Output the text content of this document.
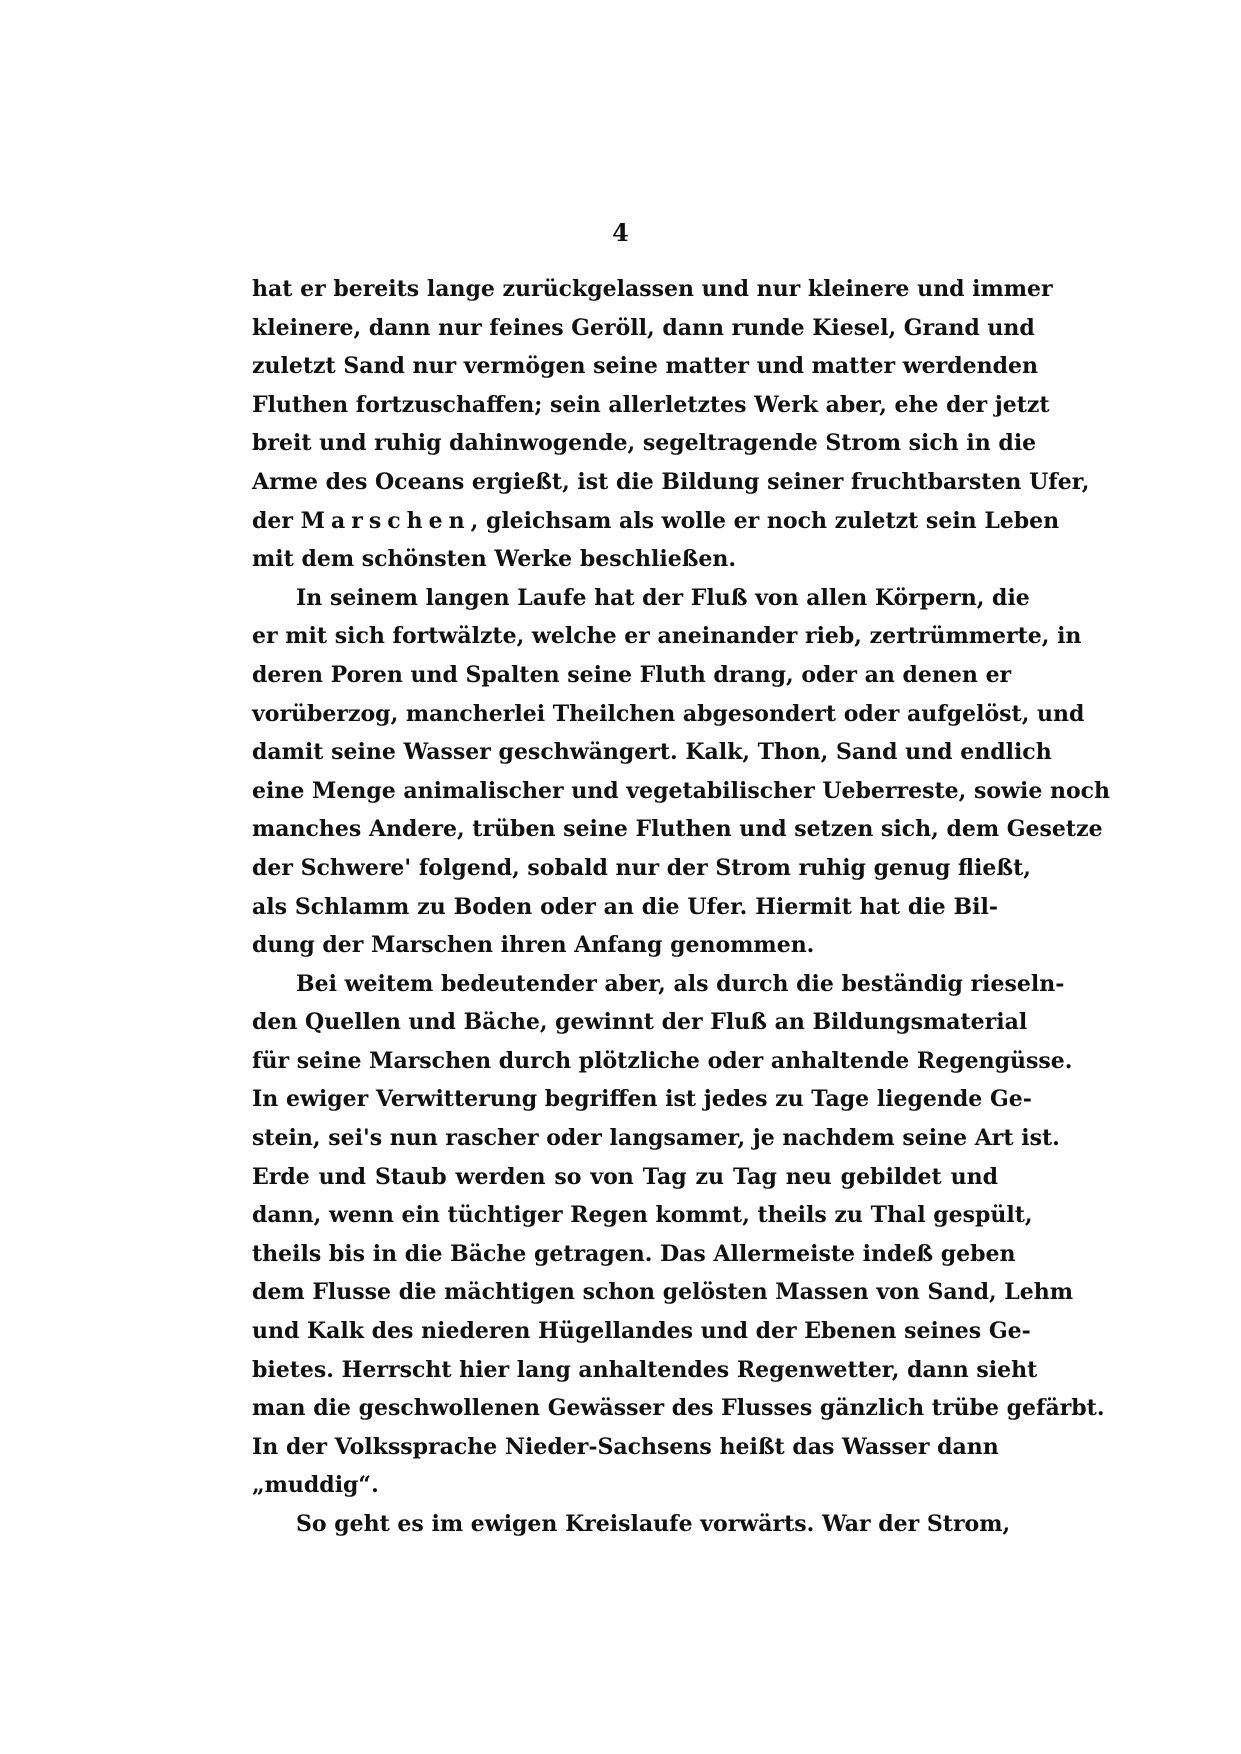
4
hat er bereits lange zurückgelassen und nur kleinere und immer
kleinere, dann nur feines Geröll, dann runde Kiesel, Grand und
zuletzt Sand nur vermögen seine matter und matter werdenden
Fluthen fortzuschaffen; sein allerletztes Werk aber, ehe der jetzt
breit und ruhig dahinwogende, segeltragende Strom sich in die
Arme des Oceans ergießt, ist die Bildung seiner fruchtbarsten Ufer,
der Marschen, gleichsam als wolle er noch zuletzt sein Leben
mit dem schönsten Werke beschließen.
In seinem langen Laufe hat der Fluß von allen Körpern, die
er mit sich fortwälzte, welche er aneinander rieb, zertrümmerte, in
deren Poren und Spalten seine Fluth drang, oder an denen er
vorüberzog, mancherlei Theilchen abgesondert oder aufgelöst, und
damit seine Wasser geschwängert. Kalk, Thon, Sand und endlich
eine Menge animalischer und vegetabilischer Ueberreste, sowie noch
manches Andere, trüben seine Fluthen und setzen sich, dem Gesetze
der Schwere' folgend, sobald nur der Strom ruhig genug fließt,
als Schlamm zu Boden oder an die Ufer. Hiermit hat die Bil-
dung der Marschen ihren Anfang genommen.
Bei weitem bedeutender aber, als durch die beständig rieseln-
den Quellen und Bäche, gewinnt der Fluß an Bildungsmaterial
für seine Marschen durch plötzliche oder anhaltende Regengüsse.
In ewiger Verwitterung begriffen ist jedes zu Tage liegende Ge-
stein, sei's nun rascher oder langsamer, je nachdem seine Art ist.
Erde und Staub werden so von Tag zu Tag neu gebildet und
dann, wenn ein tüchtiger Regen kommt, theils zu Thal gespült,
theils bis in die Bäche getragen. Das Allermeiste indeß geben
dem Flusse die mächtigen schon gelösten Massen von Sand, Lehm
und Kalk des niederen Hügellandes und der Ebenen seines Ge-
bietes. Herrscht hier lang anhaltendes Regenwetter, dann sieht
man die geschwollenen Gewässer des Flusses gänzlich trübe gefärbt.
In der Volkssprache Nieder-Sachsens heißt das Wasser dann
„muddig“.
So geht es im ewigen Kreislaufe vorwärts. War der Strom,
